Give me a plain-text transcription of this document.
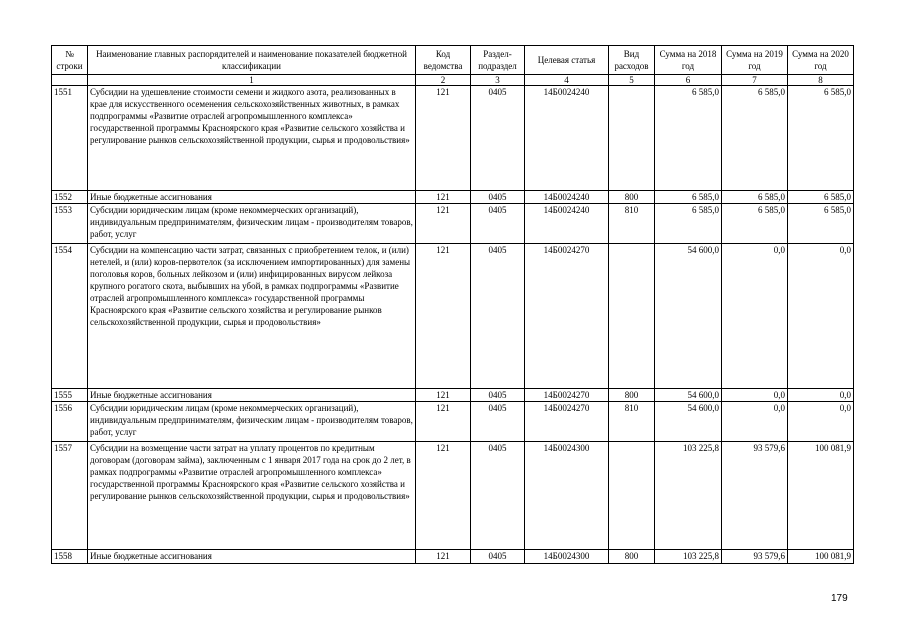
№ строки	Наименование главных распорядителей и наименование показателей бюджетной классификации	Код ведомства	Раздел-подраздел	Целевая статья	Вид расходов	Сумма на 2018 год	Сумма на 2019 год	Сумма на 2020 год
	1	2	3	4	5	6	7	8
1551	Субсидии на удешевление стоимости семени и жидкого азота, реализованных в крае для искусственного осеменения сельскохозяйственных животных, в рамках подпрограммы «Развитие отраслей агропромышленного комплекса» государственной программы Красноярского края «Развитие сельского хозяйства и регулирование рынков сельскохозяйственной продукции, сырья и продовольствия»	121	0405	14Б0024240		6 585,0	6 585,0	6 585,0
1552	Иные бюджетные ассигнования	121	0405	14Б0024240	800	6 585,0	6 585,0	6 585,0
1553	Субсидии юридическим лицам (кроме некоммерческих организаций), индивидуальным предпринимателям, физическим лицам - производителям товаров, работ, услуг	121	0405	14Б0024240	810	6 585,0	6 585,0	6 585,0
1554	Субсидии на компенсацию части затрат, связанных с приобретением телок, и (или) нетелей, и (или) коров-первотелок (за исключением импортированных) для замены поголовья коров, больных лейкозом и (или) инфицированных вирусом лейкоза крупного рогатого скота, выбывших на убой, в рамках подпрограммы «Развитие отраслей агропромышленного комплекса» государственной программы Красноярского края «Развитие сельского хозяйства и регулирование рынков сельскохозяйственной продукции, сырья и продовольствия»	121	0405	14Б0024270		54 600,0	0,0	0,0
1555	Иные бюджетные ассигнования	121	0405	14Б0024270	800	54 600,0	0,0	0,0
1556	Субсидии юридическим лицам (кроме некоммерческих организаций), индивидуальным предпринимателям, физическим лицам - производителям товаров, работ, услуг	121	0405	14Б0024270	810	54 600,0	0,0	0,0
1557	Субсидии на возмещение части затрат на уплату процентов по кредитным договорам (договорам займа), заключенным с 1 января 2017 года на срок до 2 лет, в рамках подпрограммы «Развитие отраслей агропромышленного комплекса» государственной программы Красноярского края «Развитие сельского хозяйства и регулирование рынков сельскохозяйственной продукции, сырья и продовольствия»	121	0405	14Б0024300		103 225,8	93 579,6	100 081,9
1558	Иные бюджетные ассигнования	121	0405	14Б0024300	800	103 225,8	93 579,6	100 081,9
179
